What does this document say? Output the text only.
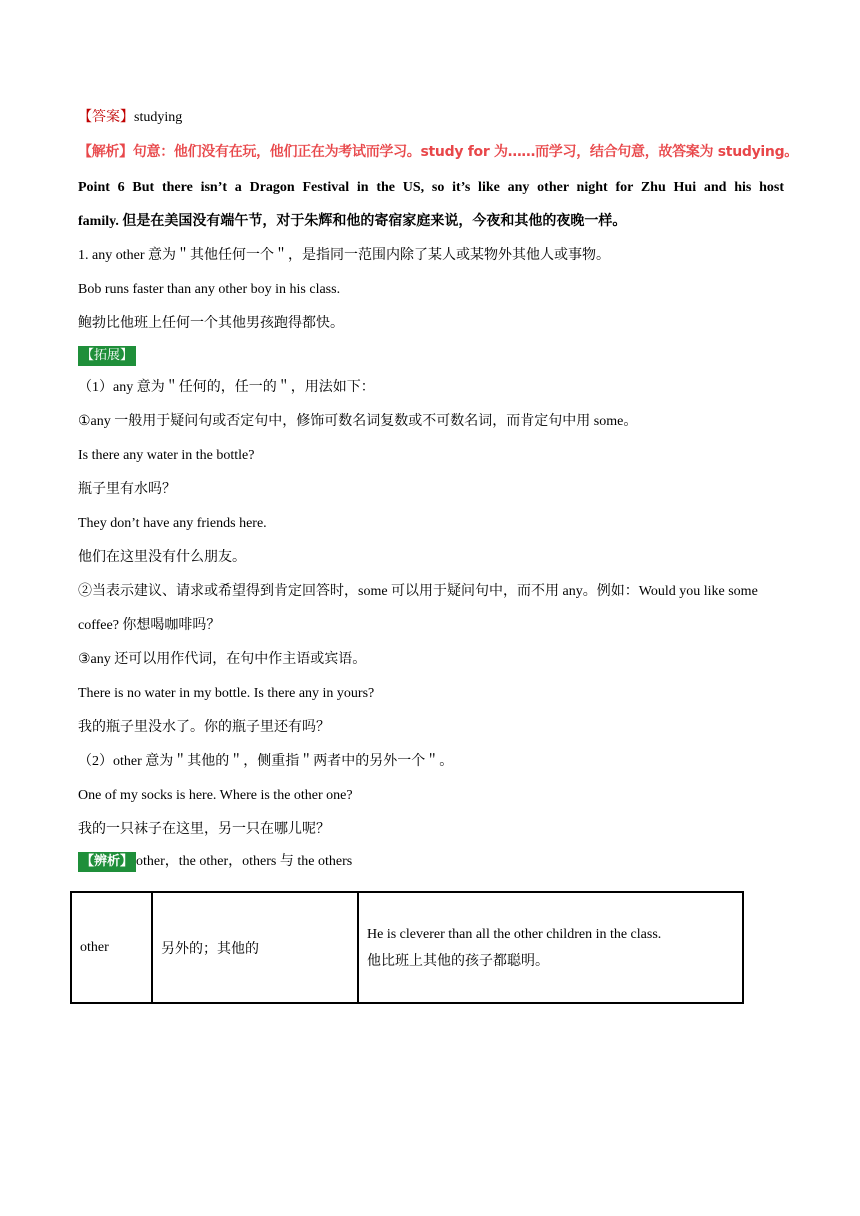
【答案】studying

【解析】句意：他们没有在玩，他们正在为考试而学习。study for 为……而学习，结合句意，故答案为 studying。

Point 6 But there isn’t a Dragon Festival in the US, so it’s like any other night for Zhu Hui and his host

family. 但是在美国没有端午节，对于朱辉和他的寄宿家庭来说，今夜和其他的夜晚一样。

1. any other 意为＂其他任何一个＂，是指同一范围内除了某人或某物外其他人或事物。

Bob runs faster than any other boy in his class.

鲍勃比他班上任何一个其他男孩跑得都快。

【拓展】

（1）any 意为＂任何的，任一的＂，用法如下：

①any 一般用于疑问句或否定句中，修饰可数名词复数或不可数名词，而肯定句中用 some。

Is there any water in the bottle?

瓶子里有水吗？

They don’t have any friends here.

他们在这里没有什么朋友。

②当表示建议、请求或希望得到肯定回答时，some 可以用于疑问句中，而不用 any。例如：Would you like some

coffee? 你想喝咖啡吗？

③any 还可以用作代词，在句中作主语或宾语。

There is no water in my bottle. Is there any in yours?

我的瓶子里没水了。你的瓶子里还有吗？

（2）other 意为＂其他的＂，侧重指＂两者中的另外一个＂。

One of my socks is here. Where is the other one?

我的一只袜子在这里，另一只在哪儿呢？

【辨析】 other，the other，others 与 the others

other	另外的；其他的	
He is cleverer than all the other children in the class.
他比班上其他的孩子都聪明。
